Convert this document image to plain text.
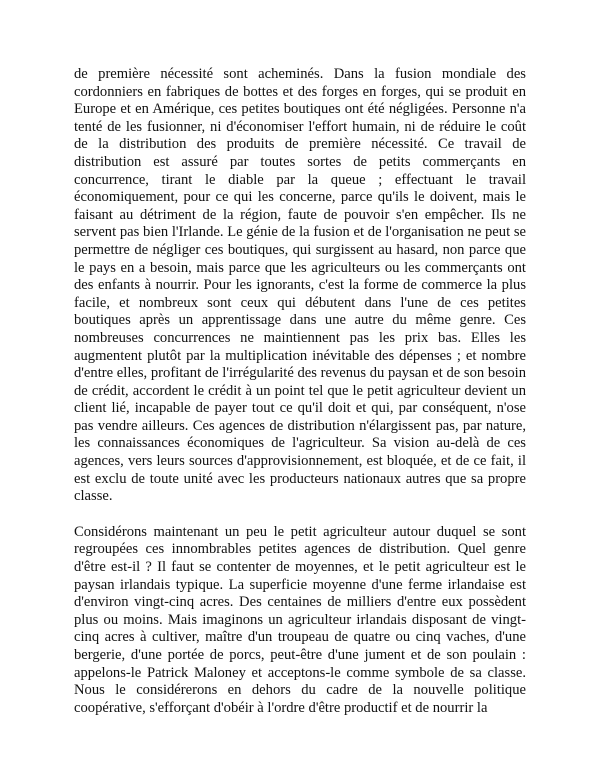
de première nécessité sont acheminés. Dans la fusion mondiale des cordonniers en fabriques de bottes et des forges en forges, qui se produit en Europe et en Amérique, ces petites boutiques ont été négligées. Personne n'a tenté de les fusionner, ni d'économiser l'effort humain, ni de réduire le coût de la distribution des produits de première nécessité. Ce travail de distribution est assuré par toutes sortes de petits commerçants en concurrence, tirant le diable par la queue ; effectuant le travail économiquement, pour ce qui les concerne, parce qu'ils le doivent, mais le faisant au détriment de la région, faute de pouvoir s'en empêcher. Ils ne servent pas bien l'Irlande. Le génie de la fusion et de l'organisation ne peut se permettre de négliger ces boutiques, qui surgissent au hasard, non parce que le pays en a besoin, mais parce que les agriculteurs ou les commerçants ont des enfants à nourrir. Pour les ignorants, c'est la forme de commerce la plus facile, et nombreux sont ceux qui débutent dans l'une de ces petites boutiques après un apprentissage dans une autre du même genre. Ces nombreuses concurrences ne maintiennent pas les prix bas. Elles les augmentent plutôt par la multiplication inévitable des dépenses ; et nombre d'entre elles, profitant de l'irrégularité des revenus du paysan et de son besoin de crédit, accordent le crédit à un point tel que le petit agriculteur devient un client lié, incapable de payer tout ce qu'il doit et qui, par conséquent, n'ose pas vendre ailleurs. Ces agences de distribution n'élargissent pas, par nature, les connaissances économiques de l'agriculteur. Sa vision au-delà de ces agences, vers leurs sources d'approvisionnement, est bloquée, et de ce fait, il est exclu de toute unité avec les producteurs nationaux autres que sa propre classe.

Considérons maintenant un peu le petit agriculteur autour duquel se sont regroupées ces innombrables petites agences de distribution. Quel genre d'être est-il ? Il faut se contenter de moyennes, et le petit agriculteur est le paysan irlandais typique. La superficie moyenne d'une ferme irlandaise est d'environ vingt-cinq acres. Des centaines de milliers d'entre eux possèdent plus ou moins. Mais imaginons un agriculteur irlandais disposant de vingt-cinq acres à cultiver, maître d'un troupeau de quatre ou cinq vaches, d'une bergerie, d'une portée de porcs, peut-être d'une jument et de son poulain : appelons-le Patrick Maloney et acceptons-le comme symbole de sa classe. Nous le considérerons en dehors du cadre de la nouvelle politique coopérative, s'efforçant d'obéir à l'ordre d'être productif et de nourrir la
